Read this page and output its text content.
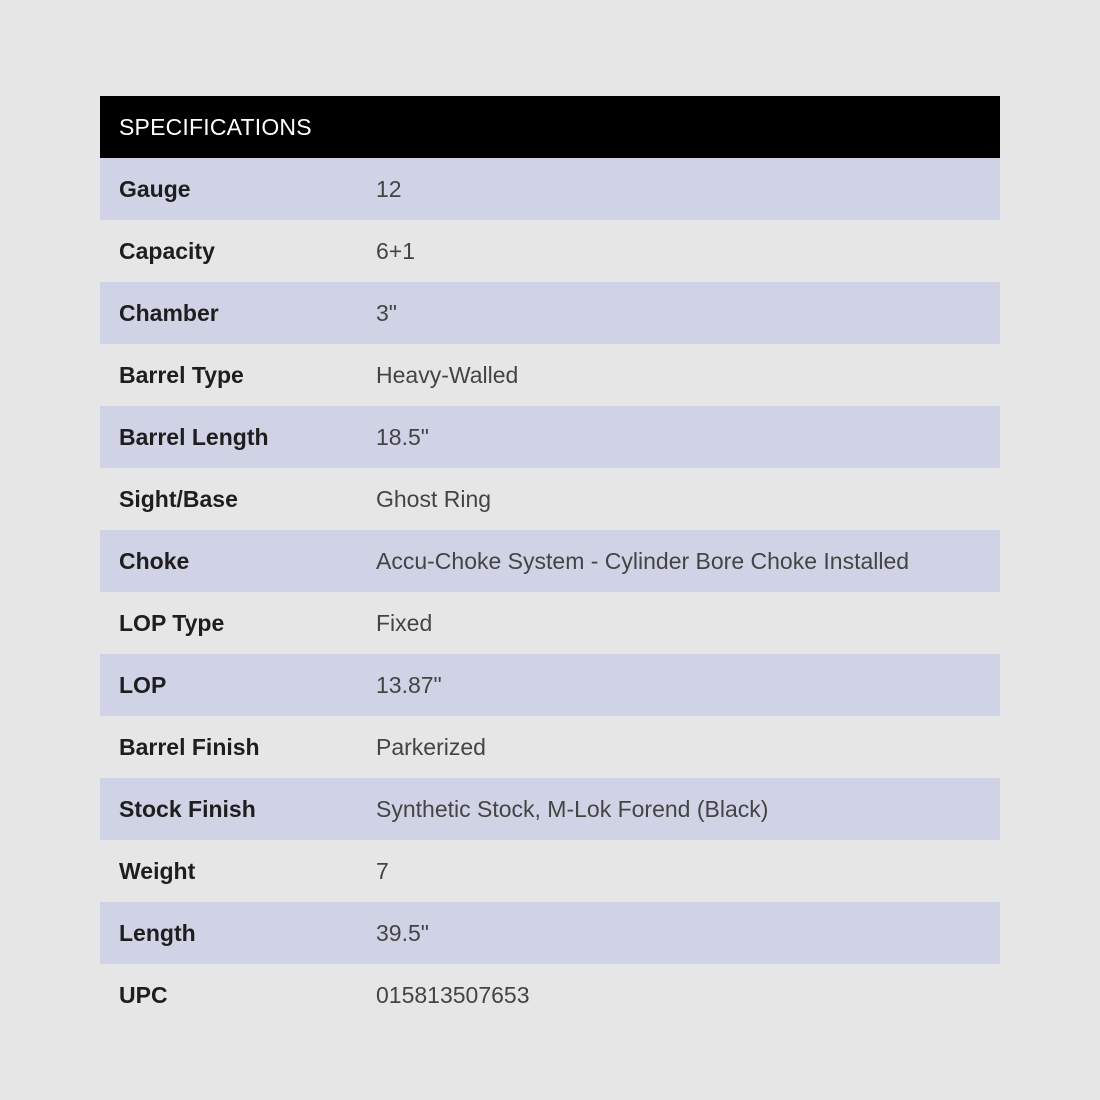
SPECIFICATIONS
Gauge	12
Capacity	6+1
Chamber	3"
Barrel Type	Heavy-Walled
Barrel Length	18.5"
Sight/Base	Ghost Ring
Choke	Accu-Choke System - Cylinder Bore Choke Installed
LOP Type	Fixed
LOP	13.87"
Barrel Finish	Parkerized
Stock Finish	Synthetic Stock, M-Lok Forend (Black)
Weight	7
Length	39.5"
UPC	015813507653
